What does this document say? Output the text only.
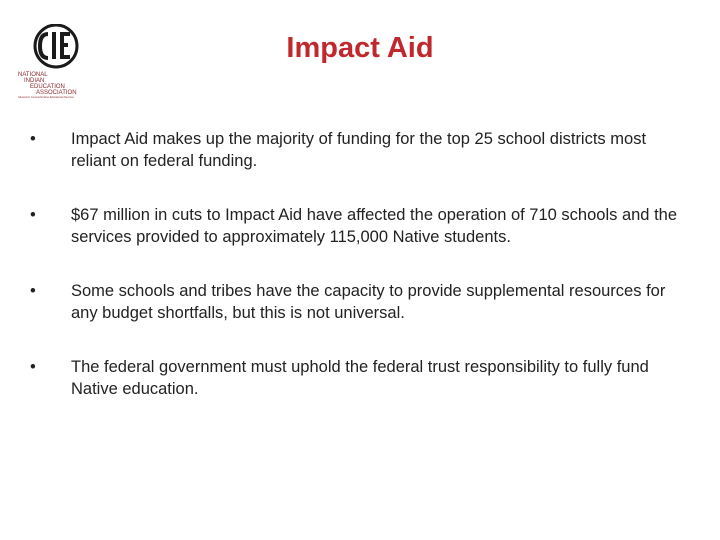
NATIONAL
INDIAN
EDUCATION
ASSOCIATION
Advancing Comprehensive Educational Success
Impact Aid
•	Impact Aid makes up the majority of funding for the top 25 school districts most reliant on federal funding.
•	$67 million in cuts to Impact Aid have affected the operation of 710 schools and the services provided to approximately 115,000 Native students.
•	Some schools and tribes have the capacity to provide supplemental resources for any budget shortfalls, but this is not universal.
•	The federal government must uphold the federal trust responsibility to fully fund Native education.
